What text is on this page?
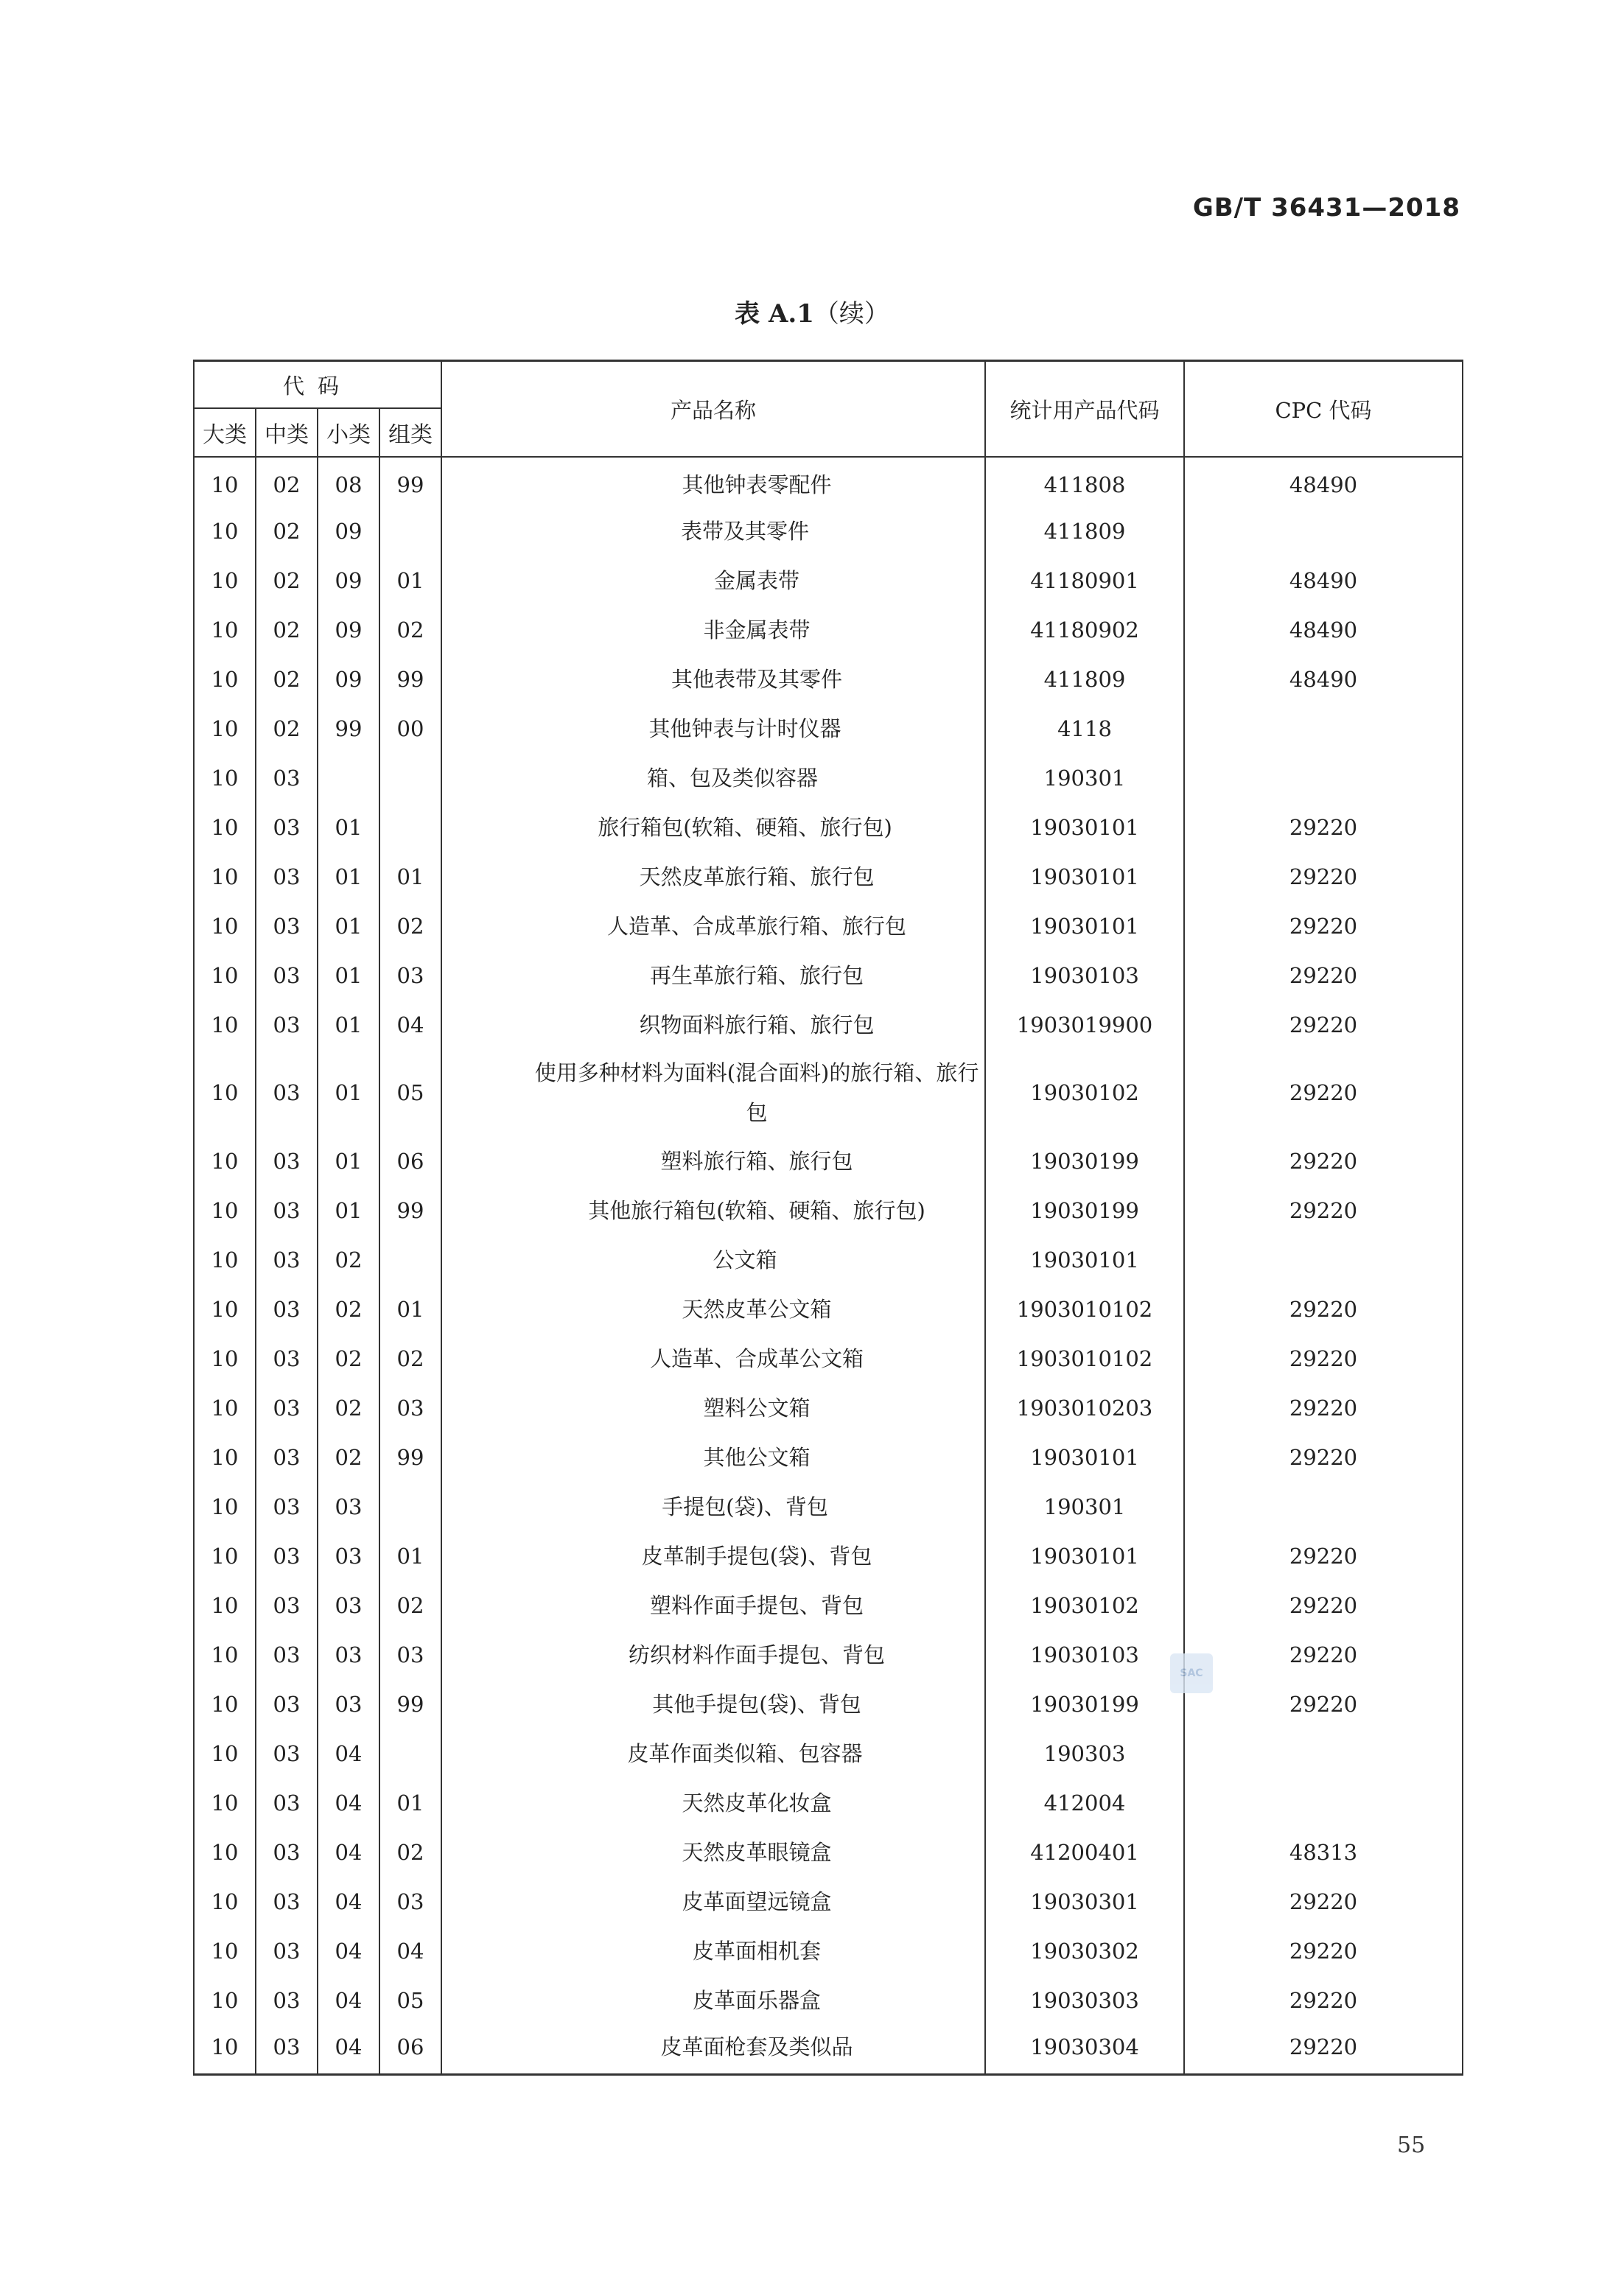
GB/T 36431—2018
表 A.1（续）
代码				产品名称	统计用产品代码	CPC 代码
大类	中类	小类	组类			
10	02	08	99	其他钟表零配件	411808	48490
10	02	09		表带及其零件	411809	
10	02	09	01	金属表带	41180901	48490
10	02	09	02	非金属表带	41180902	48490
10	02	09	99	其他表带及其零件	411809	48490
10	02	99	00	其他钟表与计时仪器	4118	
10	03			箱、包及类似容器	190301	
10	03	01		旅行箱包(软箱、硬箱、旅行包)	19030101	29220
10	03	01	01	天然皮革旅行箱、旅行包	19030101	29220
10	03	01	02	人造革、合成革旅行箱、旅行包	19030101	29220
10	03	01	03	再生革旅行箱、旅行包	19030103	29220
10	03	01	04	织物面料旅行箱、旅行包	1903019900	29220
10	03	01	05	使用多种材料为面料(混合面料)的旅行箱、旅行包	19030102	29220
10	03	01	06	塑料旅行箱、旅行包	19030199	29220
10	03	01	99	其他旅行箱包(软箱、硬箱、旅行包)	19030199	29220
10	03	02		公文箱	19030101	
10	03	02	01	天然皮革公文箱	1903010102	29220
10	03	02	02	人造革、合成革公文箱	1903010102	29220
10	03	02	03	塑料公文箱	1903010203	29220
10	03	02	99	其他公文箱	19030101	29220
10	03	03		手提包(袋)、背包	190301	
10	03	03	01	皮革制手提包(袋)、背包	19030101	29220
10	03	03	02	塑料作面手提包、背包	19030102	29220
10	03	03	03	纺织材料作面手提包、背包	19030103	29220
10	03	03	99	其他手提包(袋)、背包	19030199	29220
10	03	04		皮革作面类似箱、包容器	190303	
10	03	04	01	天然皮革化妆盒	412004	
10	03	04	02	天然皮革眼镜盒	41200401	48313
10	03	04	03	皮革面望远镜盒	19030301	29220
10	03	04	04	皮革面相机套	19030302	29220
10	03	04	05	皮革面乐器盒	19030303	29220
10	03	04	06	皮革面枪套及类似品	19030304	29220
SAC
55
